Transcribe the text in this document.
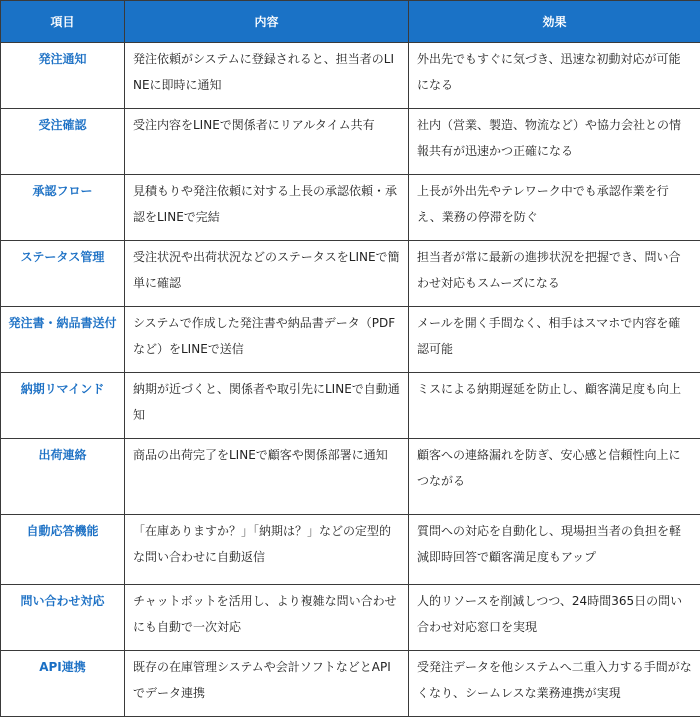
項目	内容	効果
発注通知	発注依頼がシステムに登録されると、担当者のLINEに即時に通知	外出先でもすぐに気づき、迅速な初動対応が可能になる
受注確認	受注内容をLINEで関係者にリアルタイム共有	社内（営業、製造、物流など）や協力会社との情報共有が迅速かつ正確になる
承認フロー	見積もりや発注依頼に対する上長の承認依頼・承認をLINEで完結	上長が外出先やテレワーク中でも承認作業を行え、業務の停滞を防ぐ
ステータス管理	受注状況や出荷状況などのステータスをLINEで簡単に確認	担当者が常に最新の進捗状況を把握でき、問い合わせ対応もスムーズになる
発注書・納品書送付	システムで作成した発注書や納品書データ（PDFなど）をLINEで送信	メールを開く手間なく、相手はスマホで内容を確認可能
納期リマインド	納期が近づくと、関係者や取引先にLINEで自動通知	ミスによる納期遅延を防止し、顧客満足度も向上
出荷連絡	商品の出荷完了をLINEで顧客や関係部署に通知	顧客への連絡漏れを防ぎ、安心感と信頼性向上につながる
自動応答機能	「在庫ありますか？」「納期は？」などの定型的な問い合わせに自動返信	質問への対応を自動化し、現場担当者の負担を軽減即時回答で顧客満足度もアップ
問い合わせ対応	チャットボットを活用し、より複雑な問い合わせにも自動で一次対応	人的リソースを削減しつつ、24時間365日の問い合わせ対応窓口を実現
API連携	既存の在庫管理システムや会計ソフトなどとAPIでデータ連携	受発注データを他システムへ二重入力する手間がなくなり、シームレスな業務連携が実現
